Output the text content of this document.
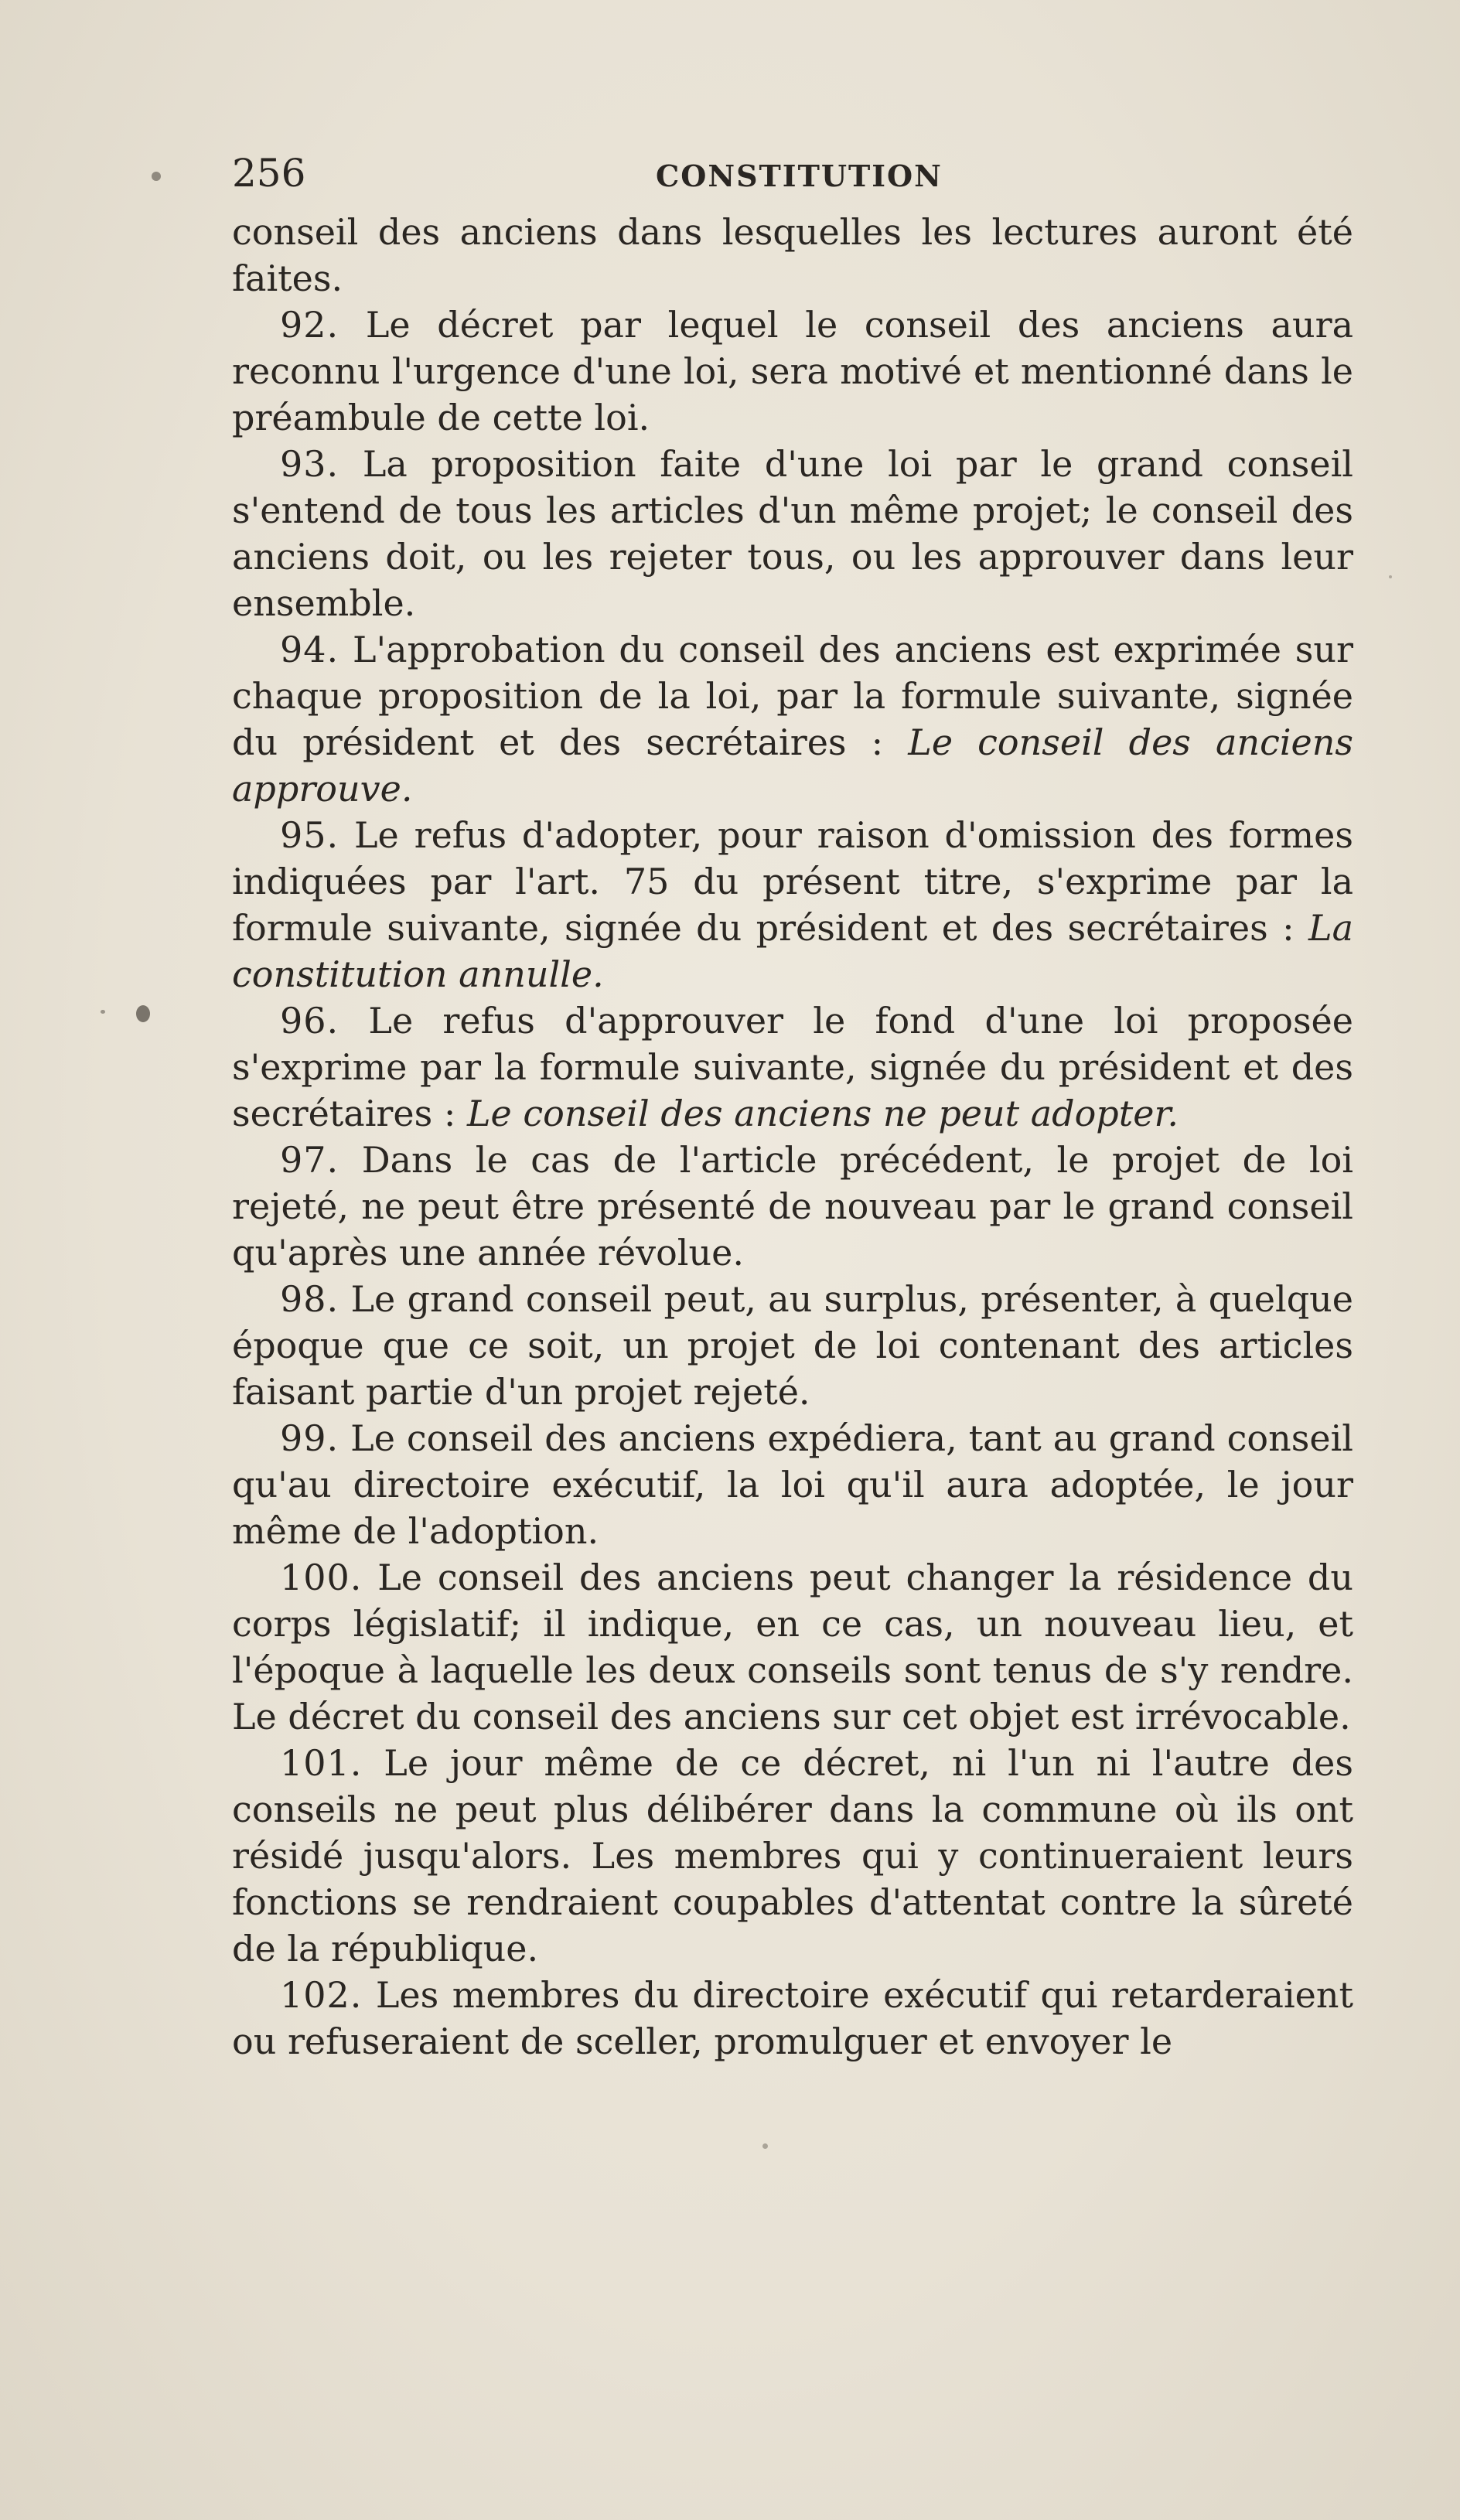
256	CONSTITUTION

conseil des anciens dans lesquelles les lectures auront été faites.

92. Le décret par lequel le conseil des anciens aura reconnu l'urgence d'une loi, sera motivé et mentionné dans le préambule de cette loi.

93. La proposition faite d'une loi par le grand conseil s'entend de tous les articles d'un même projet; le conseil des anciens doit, ou les rejeter tous, ou les approuver dans leur ensemble.

94. L'approbation du conseil des anciens est exprimée sur chaque proposition de la loi, par la formule suivante, signée du président et des secrétaires : Le conseil des anciens approuve.

95. Le refus d'adopter, pour raison d'omission des formes indiquées par l'art. 75 du présent titre, s'exprime par la formule suivante, signée du président et des secrétaires : La constitution annulle.

96. Le refus d'approuver le fond d'une loi proposée s'exprime par la formule suivante, signée du président et des secrétaires : Le conseil des anciens ne peut adopter.

97. Dans le cas de l'article précédent, le projet de loi rejeté, ne peut être présenté de nouveau par le grand conseil qu'après une année révolue.

98. Le grand conseil peut, au surplus, présenter, à quelque époque que ce soit, un projet de loi contenant des articles faisant partie d'un projet rejeté.

99. Le conseil des anciens expédiera, tant au grand conseil qu'au directoire exécutif, la loi qu'il aura adoptée, le jour même de l'adoption.

100. Le conseil des anciens peut changer la résidence du corps législatif; il indique, en ce cas, un nouveau lieu, et l'époque à laquelle les deux conseils sont tenus de s'y rendre. Le décret du conseil des anciens sur cet objet est irrévocable.

101. Le jour même de ce décret, ni l'un ni l'autre des conseils ne peut plus délibérer dans la commune où ils ont résidé jusqu'alors. Les membres qui y continueraient leurs fonctions se rendraient coupables d'attentat contre la sûreté de la république.

102. Les membres du directoire exécutif qui retarderaient ou refuseraient de sceller, promulguer et envoyer le
